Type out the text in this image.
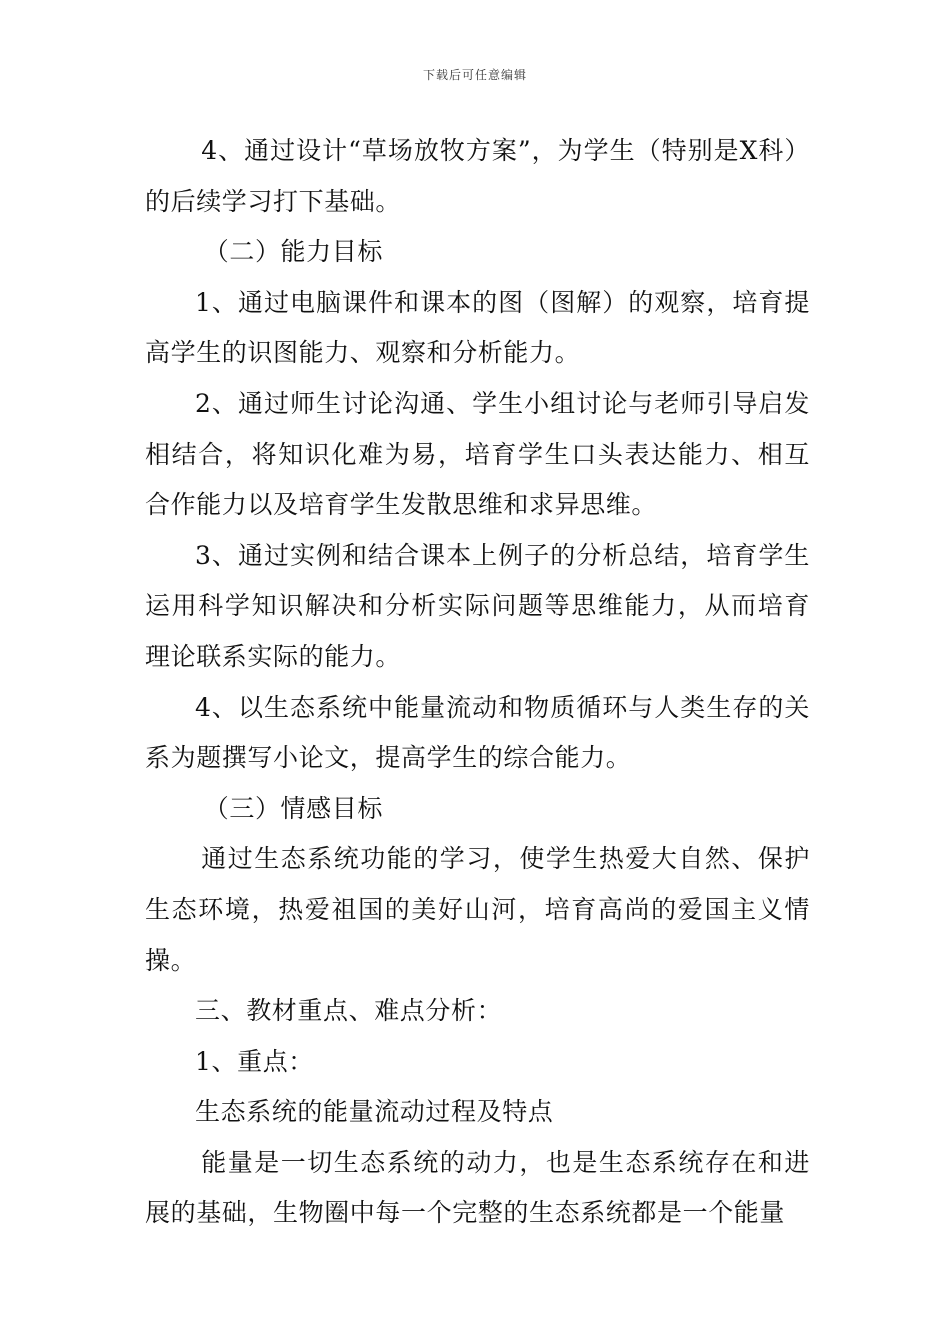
下载后可任意编辑

4、通过设计“草场放牧方案”，为学生（特别是X科）的后续学习打下基础。

（二）能力目标

1、通过电脑课件和课本的图（图解）的观察，培育提高学生的识图能力、观察和分析能力。

2、通过师生讨论沟通、学生小组讨论与老师引导启发相结合，将知识化难为易，培育学生口头表达能力、相互合作能力以及培育学生发散思维和求异思维。

3、通过实例和结合课本上例子的分析总结，培育学生运用科学知识解决和分析实际问题等思维能力，从而培育理论联系实际的能力。

4、以生态系统中能量流动和物质循环与人类生存的关系为题撰写小论文，提高学生的综合能力。

（三）情感目标

通过生态系统功能的学习，使学生热爱大自然、保护生态环境，热爱祖国的美好山河，培育高尚的爱国主义情操。

三、教材重点、难点分析：

1、重点：

生态系统的能量流动过程及特点

能量是一切生态系统的动力，也是生态系统存在和进展的基础，生物圈中每一个完整的生态系统都是一个能量
